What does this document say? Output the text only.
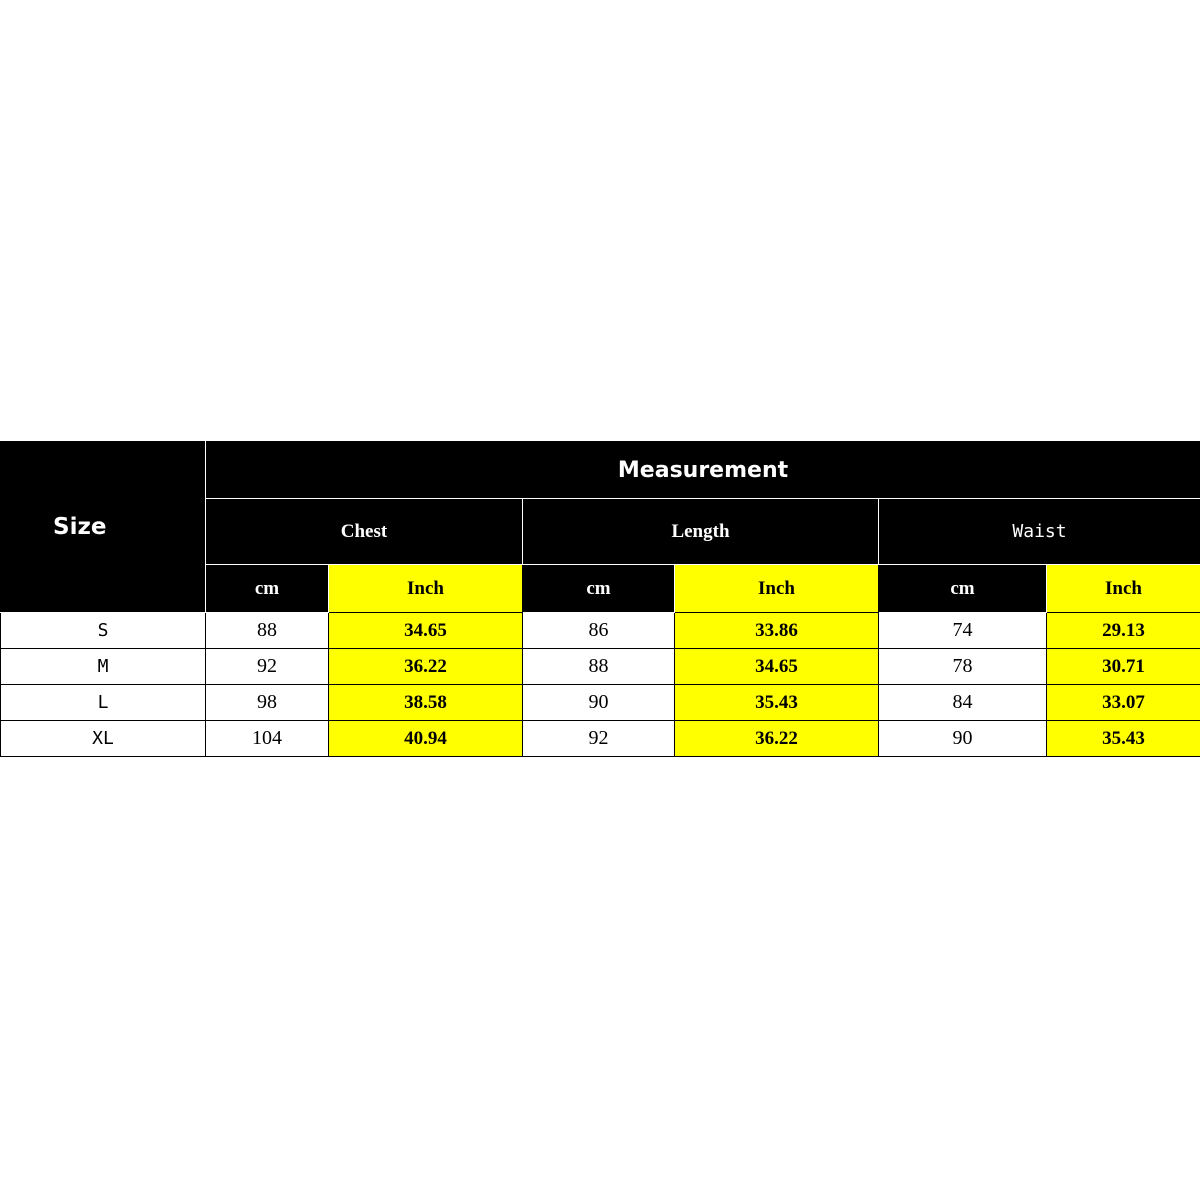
Size	Measurement					
	Chest		Length		Waist	
	cm	Inch	cm	Inch	cm	Inch
S	88	34.65	86	33.86	74	29.13
M	92	36.22	88	34.65	78	30.71
L	98	38.58	90	35.43	84	33.07
XL	104	40.94	92	36.22	90	35.43
